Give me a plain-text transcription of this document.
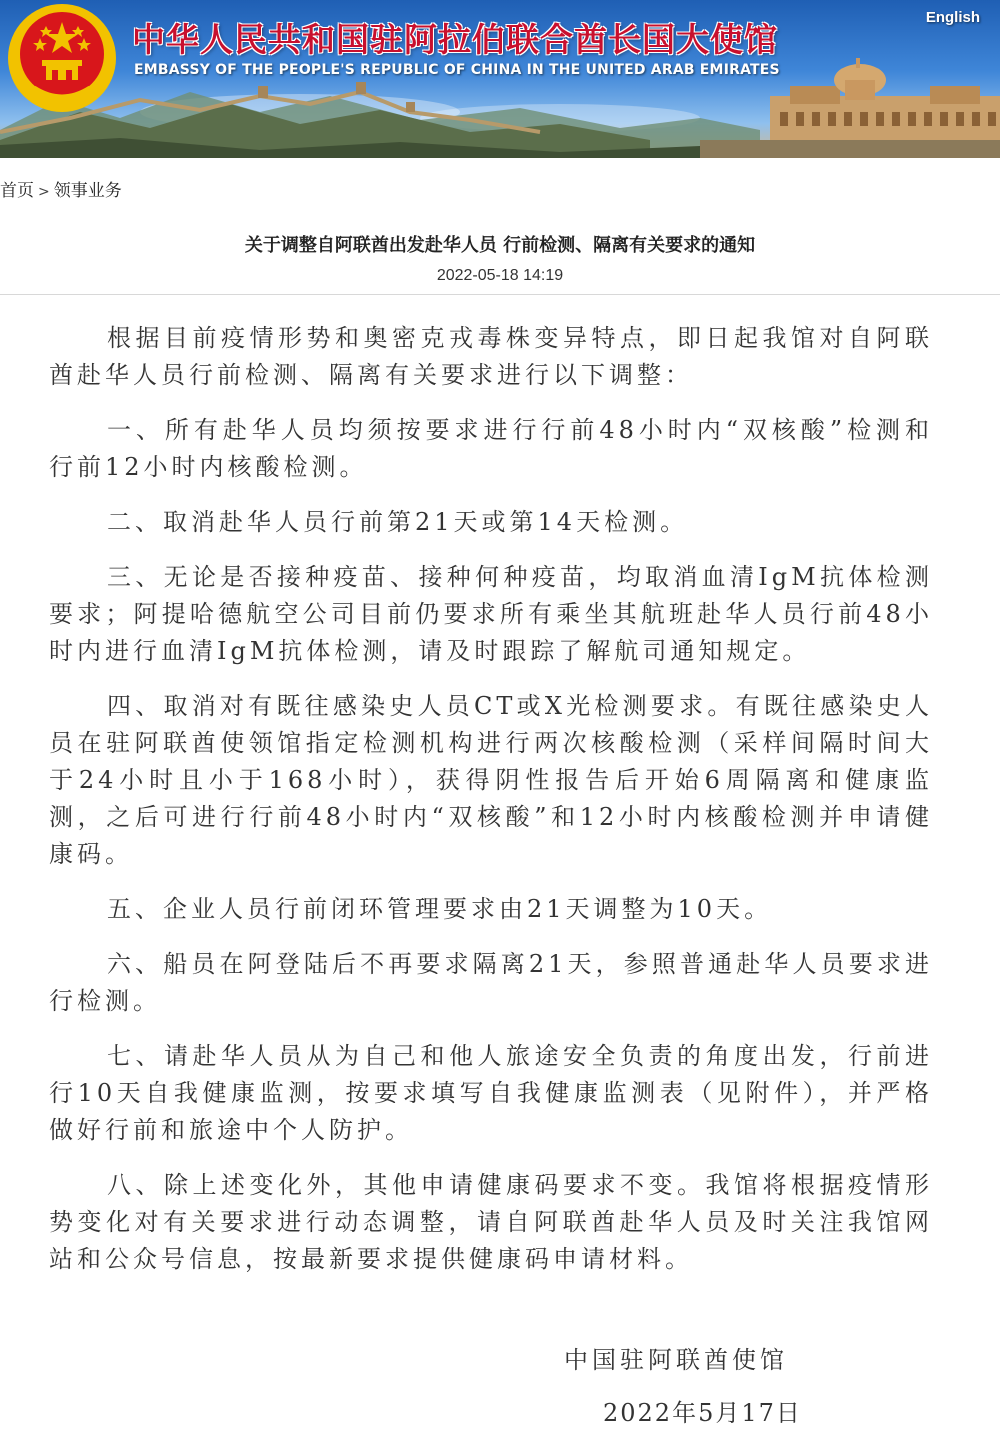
中华人民共和国驻阿拉伯联合酋长国大使馆
EMBASSY OF THE PEOPLE'S REPUBLIC OF CHINA IN THE UNITED ARAB EMIRATES
English
首页 > 领事业务
关于调整自阿联酋出发赴华人员 行前检测、隔离有关要求的通知
2022-05-18 14:19

根据目前疫情形势和奥密克戎毒株变异特点，即日起我馆对自阿联酋赴华人员行前检测、隔离有关要求进行以下调整：

一、所有赴华人员均须按要求进行行前48小时内“双核酸”检测和行前12小时内核酸检测。

二、取消赴华人员行前第21天或第14天检测。

三、无论是否接种疫苗、接种何种疫苗，均取消血清IgM抗体检测要求；阿提哈德航空公司目前仍要求所有乘坐其航班赴华人员行前48小时内进行血清IgM抗体检测，请及时跟踪了解航司通知规定。

四、取消对有既往感染史人员CT或X光检测要求。有既往感染史人员在驻阿联酋使领馆指定检测机构进行两次核酸检测（采样间隔时间大于24小时且小于168小时），获得阴性报告后开始6周隔离和健康监测，之后可进行行前48小时内“双核酸”和12小时内核酸检测并申请健康码。

五、企业人员行前闭环管理要求由21天调整为10天。

六、船员在阿登陆后不再要求隔离21天，参照普通赴华人员要求进行检测。

七、请赴华人员从为自己和他人旅途安全负责的角度出发，行前进行10天自我健康监测，按要求填写自我健康监测表（见附件），并严格做好行前和旅途中个人防护。

八、除上述变化外，其他申请健康码要求不变。我馆将根据疫情形势变化对有关要求进行动态调整，请自阿联酋赴华人员及时关注我馆网站和公众号信息，按最新要求提供健康码申请材料。

中国驻阿联酋使馆
2022年5月17日
